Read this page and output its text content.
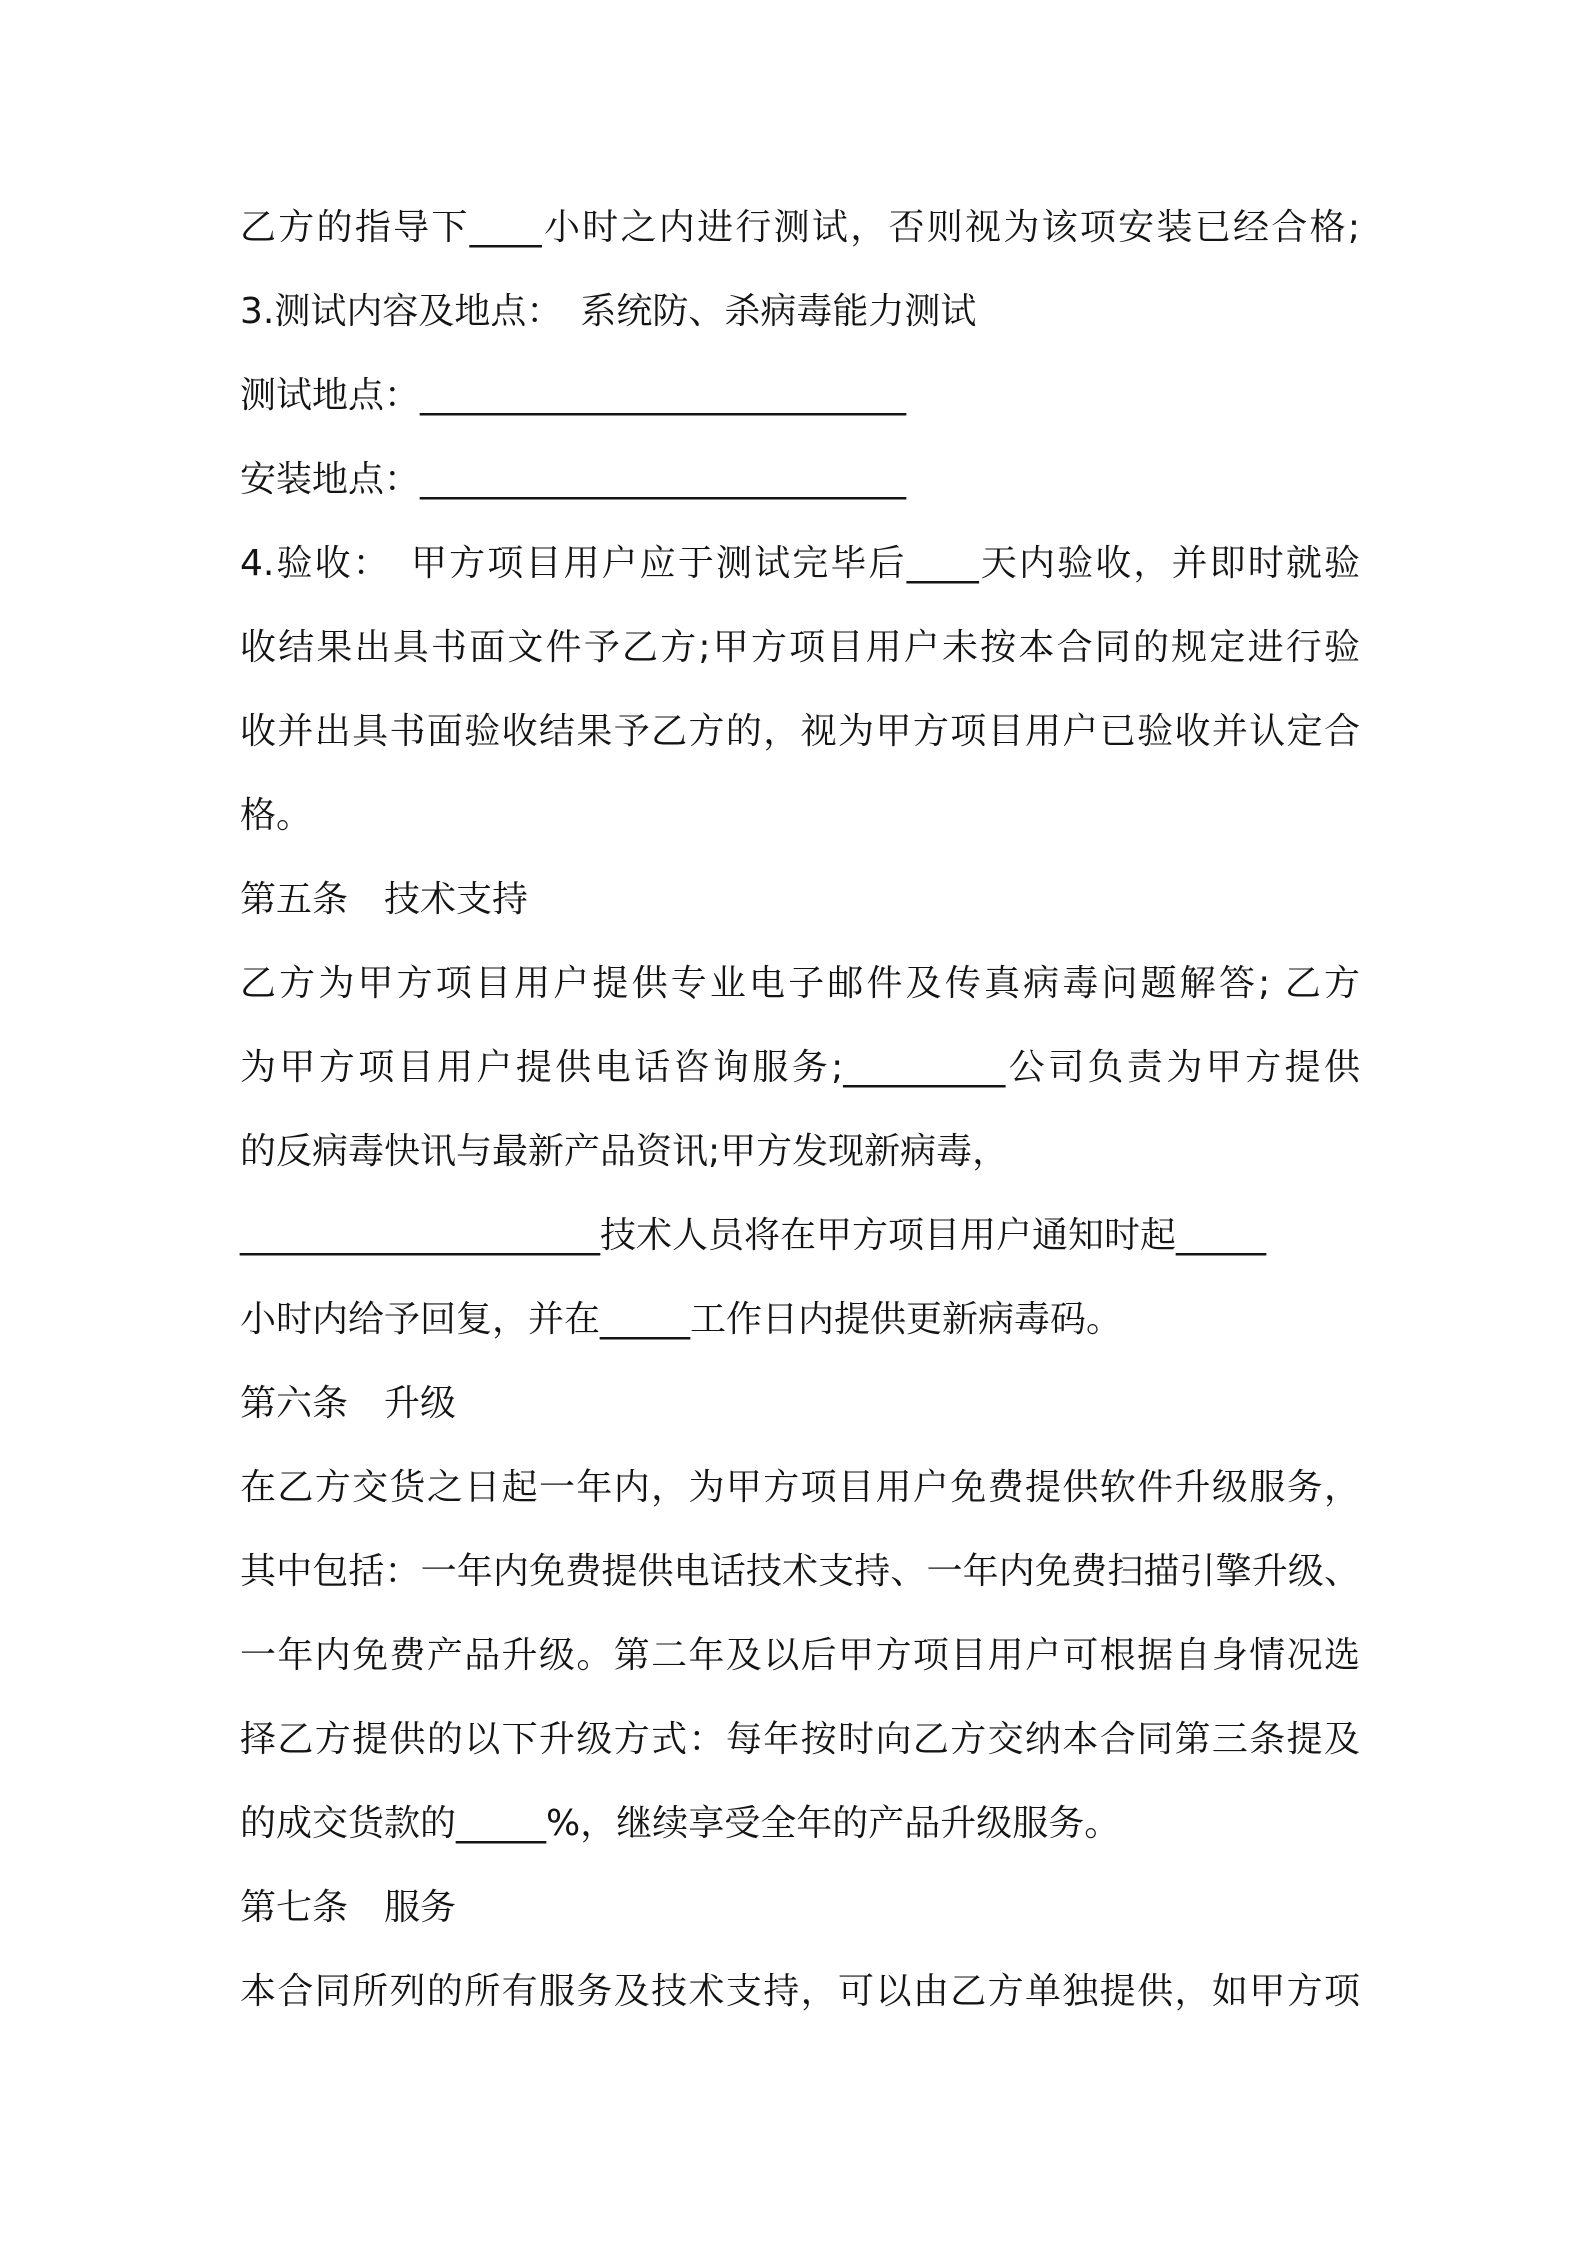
乙方的指导下____小时之内进行测试，否则视为该项安装已经合格;
3.测试内容及地点：　系统防、杀病毒能力测试
测试地点：___________________________
安装地点：___________________________
4.验收：　甲方项目用户应于测试完毕后____天内验收，并即时就验
收结果出具书面文件予乙方;甲方项目用户未按本合同的规定进行验
收并出具书面验收结果予乙方的，视为甲方项目用户已验收并认定合
格。
第五条　技术支持
乙方为甲方项目用户提供专业电子邮件及传真病毒问题解答; 乙方
为甲方项目用户提供电话咨询服务;_________公司负责为甲方提供
的反病毒快讯与最新产品资讯;甲方发现新病毒，
____________________技术人员将在甲方项目用户通知时起_____
小时内给予回复，并在_____工作日内提供更新病毒码。
第六条　升级
在乙方交货之日起一年内，为甲方项目用户免费提供软件升级服务，
其中包括：一年内免费提供电话技术支持、一年内免费扫描引擎升级、
一年内免费产品升级。第二年及以后甲方项目用户可根据自身情况选
择乙方提供的以下升级方式：每年按时向乙方交纳本合同第三条提及
的成交货款的_____%，继续享受全年的产品升级服务。
第七条　服务
本合同所列的所有服务及技术支持，可以由乙方单独提供，如甲方项
